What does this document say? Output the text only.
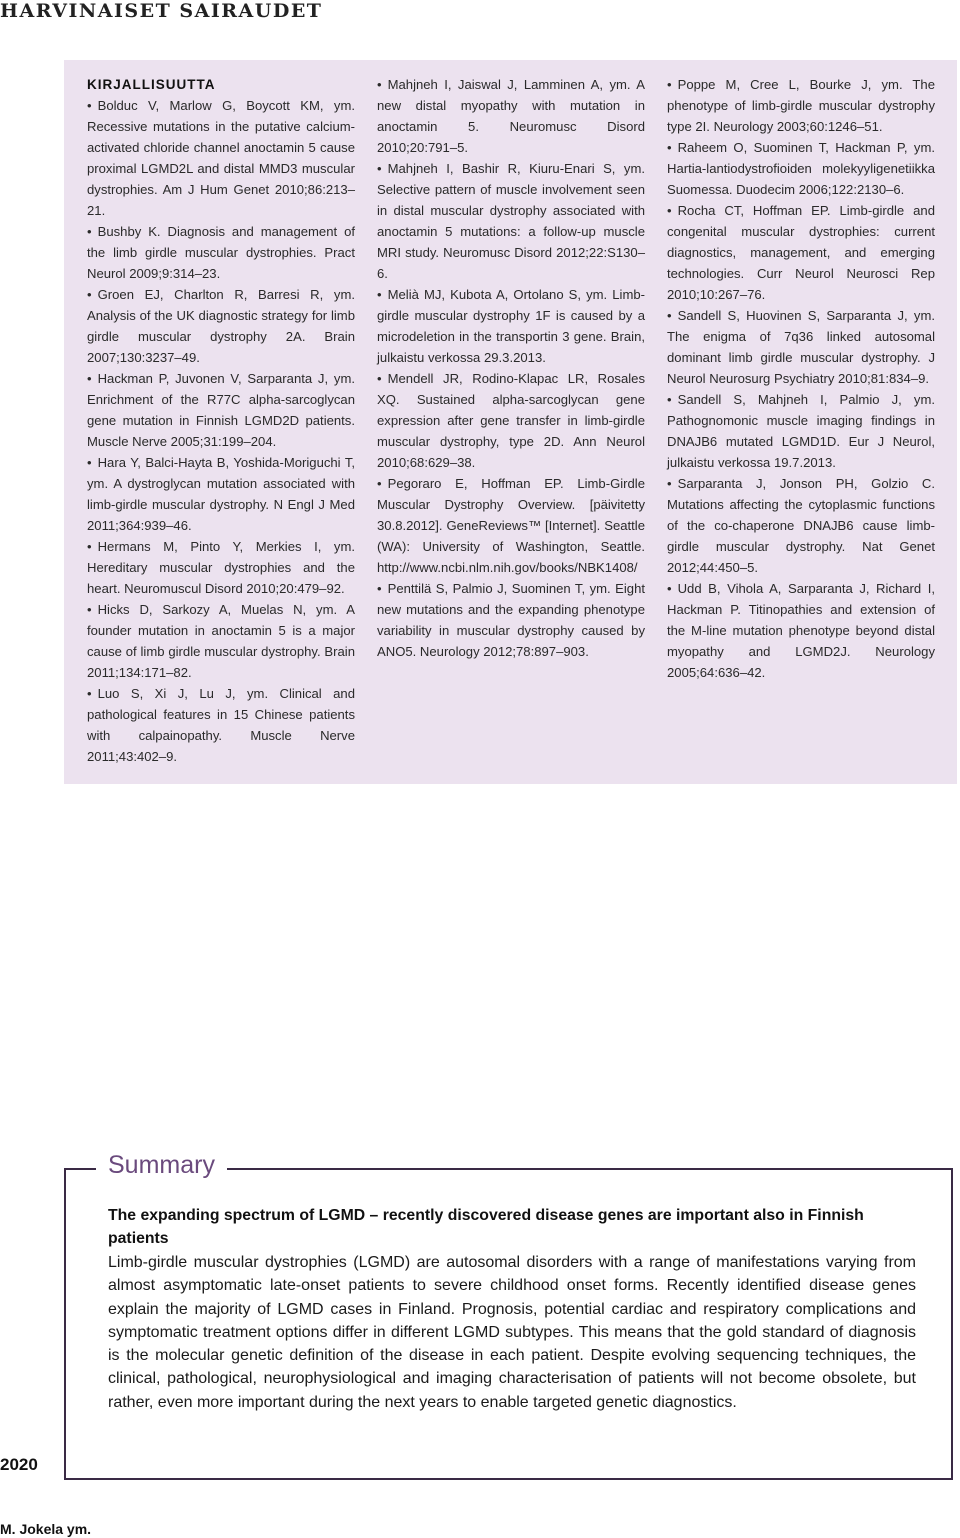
HARVINAISET SAIRAUDET
KIRJALLISUUTTA

• Bolduc V, Marlow G, Boycott KM, ym. Recessive mutations in the putative calcium-activated chloride channel anoctamin 5 cause proximal LGMD2L and distal MMD3 muscular dystrophies. Am J Hum Genet 2010;86:213–21.

• Bushby K. Diagnosis and management of the limb girdle muscular dystrophies. Pract Neurol 2009;9:314–23.

• Groen EJ, Charlton R, Barresi R, ym. Analysis of the UK diagnostic strategy for limb girdle muscular dystrophy 2A. Brain 2007;130:3237–49.

• Hackman P, Juvonen V, Sarparanta J, ym. Enrichment of the R77C alpha-sarcoglycan gene mutation in Finnish LGMD2D patients. Muscle Nerve 2005;31:199–204.

• Hara Y, Balci-Hayta B, Yoshida-Moriguchi T, ym. A dystroglycan mutation associated with limb-girdle muscular dystrophy. N Engl J Med 2011;364:939–46.

• Hermans M, Pinto Y, Merkies I, ym. Hereditary muscular dystrophies and the heart. Neuromuscul Disord 2010;20:479–92.

• Hicks D, Sarkozy A, Muelas N, ym. A founder mutation in anoctamin 5 is a major cause of limb girdle muscular dystrophy. Brain 2011;134:171–82.

• Luo S, Xi J, Lu J, ym. Clinical and pathological features in 15 Chinese patients with calpainopathy. Muscle Nerve 2011;43:402–9.

• Mahjneh I, Jaiswal J, Lamminen A, ym. A new distal myopathy with mutation in anoctamin 5. Neuromusc Disord 2010;20:791–5.

• Mahjneh I, Bashir R, Kiuru-Enari S, ym. Selective pattern of muscle involvement seen in distal muscular dystrophy associated with anoctamin 5 mutations: a follow-up muscle MRI study. Neuromusc Disord 2012;22:S130–6.

• Melià MJ, Kubota A, Ortolano S, ym. Limb-girdle muscular dystrophy 1F is caused by a microdeletion in the transportin 3 gene. Brain, julkaistu verkossa 29.3.2013.

• Mendell JR, Rodino-Klapac LR, Rosales XQ. Sustained alpha-sarcoglycan gene expression after gene transfer in limb-girdle muscular dystrophy, type 2D. Ann Neurol 2010;68:629–38.

• Pegoraro E, Hoffman EP. Limb-Girdle Muscular Dystrophy Overview. [päivitetty 30.8.2012]. GeneReviews™ [Internet]. Seattle (WA): University of Washington, Seattle. http://www.ncbi.nlm.nih.gov/books/NBK1408/

• Penttilä S, Palmio J, Suominen T, ym. Eight new mutations and the expanding phenotype variability in muscular dystrophy caused by ANO5. Neurology 2012;78:897–903.

• Poppe M, Cree L, Bourke J, ym. The phenotype of limb-girdle muscular dystrophy type 2I. Neurology 2003;60:1246–51.

• Raheem O, Suominen T, Hackman P, ym. Hartia-lantiodystrofioiden molekyyligenetiikka Suomessa. Duodecim 2006;122:2130–6.

• Rocha CT, Hoffman EP. Limb-girdle and congenital muscular dystrophies: current diagnostics, management, and emerging technologies. Curr Neurol Neurosci Rep 2010;10:267–76.

• Sandell S, Huovinen S, Sarparanta J, ym. The enigma of 7q36 linked autosomal dominant limb girdle muscular dystrophy. J Neurol Neurosurg Psychiatry 2010;81:834–9.

• Sandell S, Mahjneh I, Palmio J, ym. Pathognomonic muscle imaging findings in DNAJB6 mutated LGMD1D. Eur J Neurol, julkaistu verkossa 19.7.2013.

• Sarparanta J, Jonson PH, Golzio C. Mutations affecting the cytoplasmic functions of the co-chaperone DNAJB6 cause limb-girdle muscular dystrophy. Nat Genet 2012;44:450–5.

• Udd B, Vihola A, Sarparanta J, Richard I, Hackman P. Titinopathies and extension of the M-line mutation phenotype beyond distal myopathy and LGMD2J. Neurology 2005;64:636–42.

Summary
The expanding spectrum of LGMD – recently discovered disease genes are important also in Finnish patients
Limb-girdle muscular dystrophies (LGMD) are autosomal disorders with a range of manifestations varying from almost asymptomatic late-onset patients to severe childhood onset forms. Recently identified disease genes explain the majority of LGMD cases in Finland. Prognosis, potential cardiac and respiratory complications and symptomatic treatment options differ in different LGMD subtypes. This means that the gold standard of diagnosis is the molecular genetic definition of the disease in each patient. Despite evolving sequencing techniques, the clinical, pathological, neurophysiological and imaging characterisation of patients will not become obsolete, but rather, even more important during the next years to enable targeted genetic diagnostics.
2020
M. Jokela ym.
